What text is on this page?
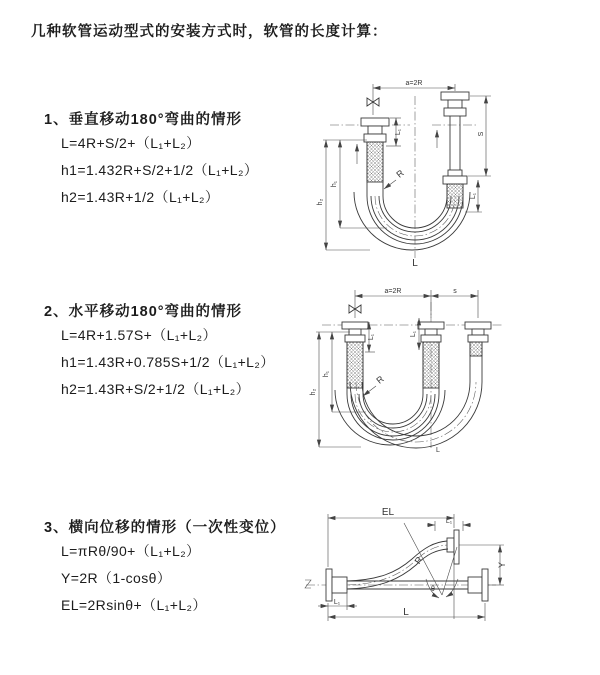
几种软管运动型式的安装方式时，软管的长度计算：
1、垂直移动180°弯曲的情形
L=4R+S/2+（L₁+L₂）
h1=1.432R+S/2+1/2（L₁+L₂）
h2=1.43R+1/2（L₁+L₂）
2、水平移动180°弯曲的情形
L=4R+1.57S+（L₁+L₂）
h1=1.43R+0.785S+1/2（L₁+L₂）
h2=1.43R+S/2+1/2（L₁+L₂）
3、横向位移的情形（一次性变位）
L=πRθ/90+（L₁+L₂）
Y=2R（1-cosθ）
EL=2Rsinθ+（L₁+L₂）
a=2R
h₁
h₂
L₁	S
L₁
R
L
a=2R	s
h₁
h₂
L₁	L₁
R
L
θ
R
EL
L₁
Y
L₁
L
